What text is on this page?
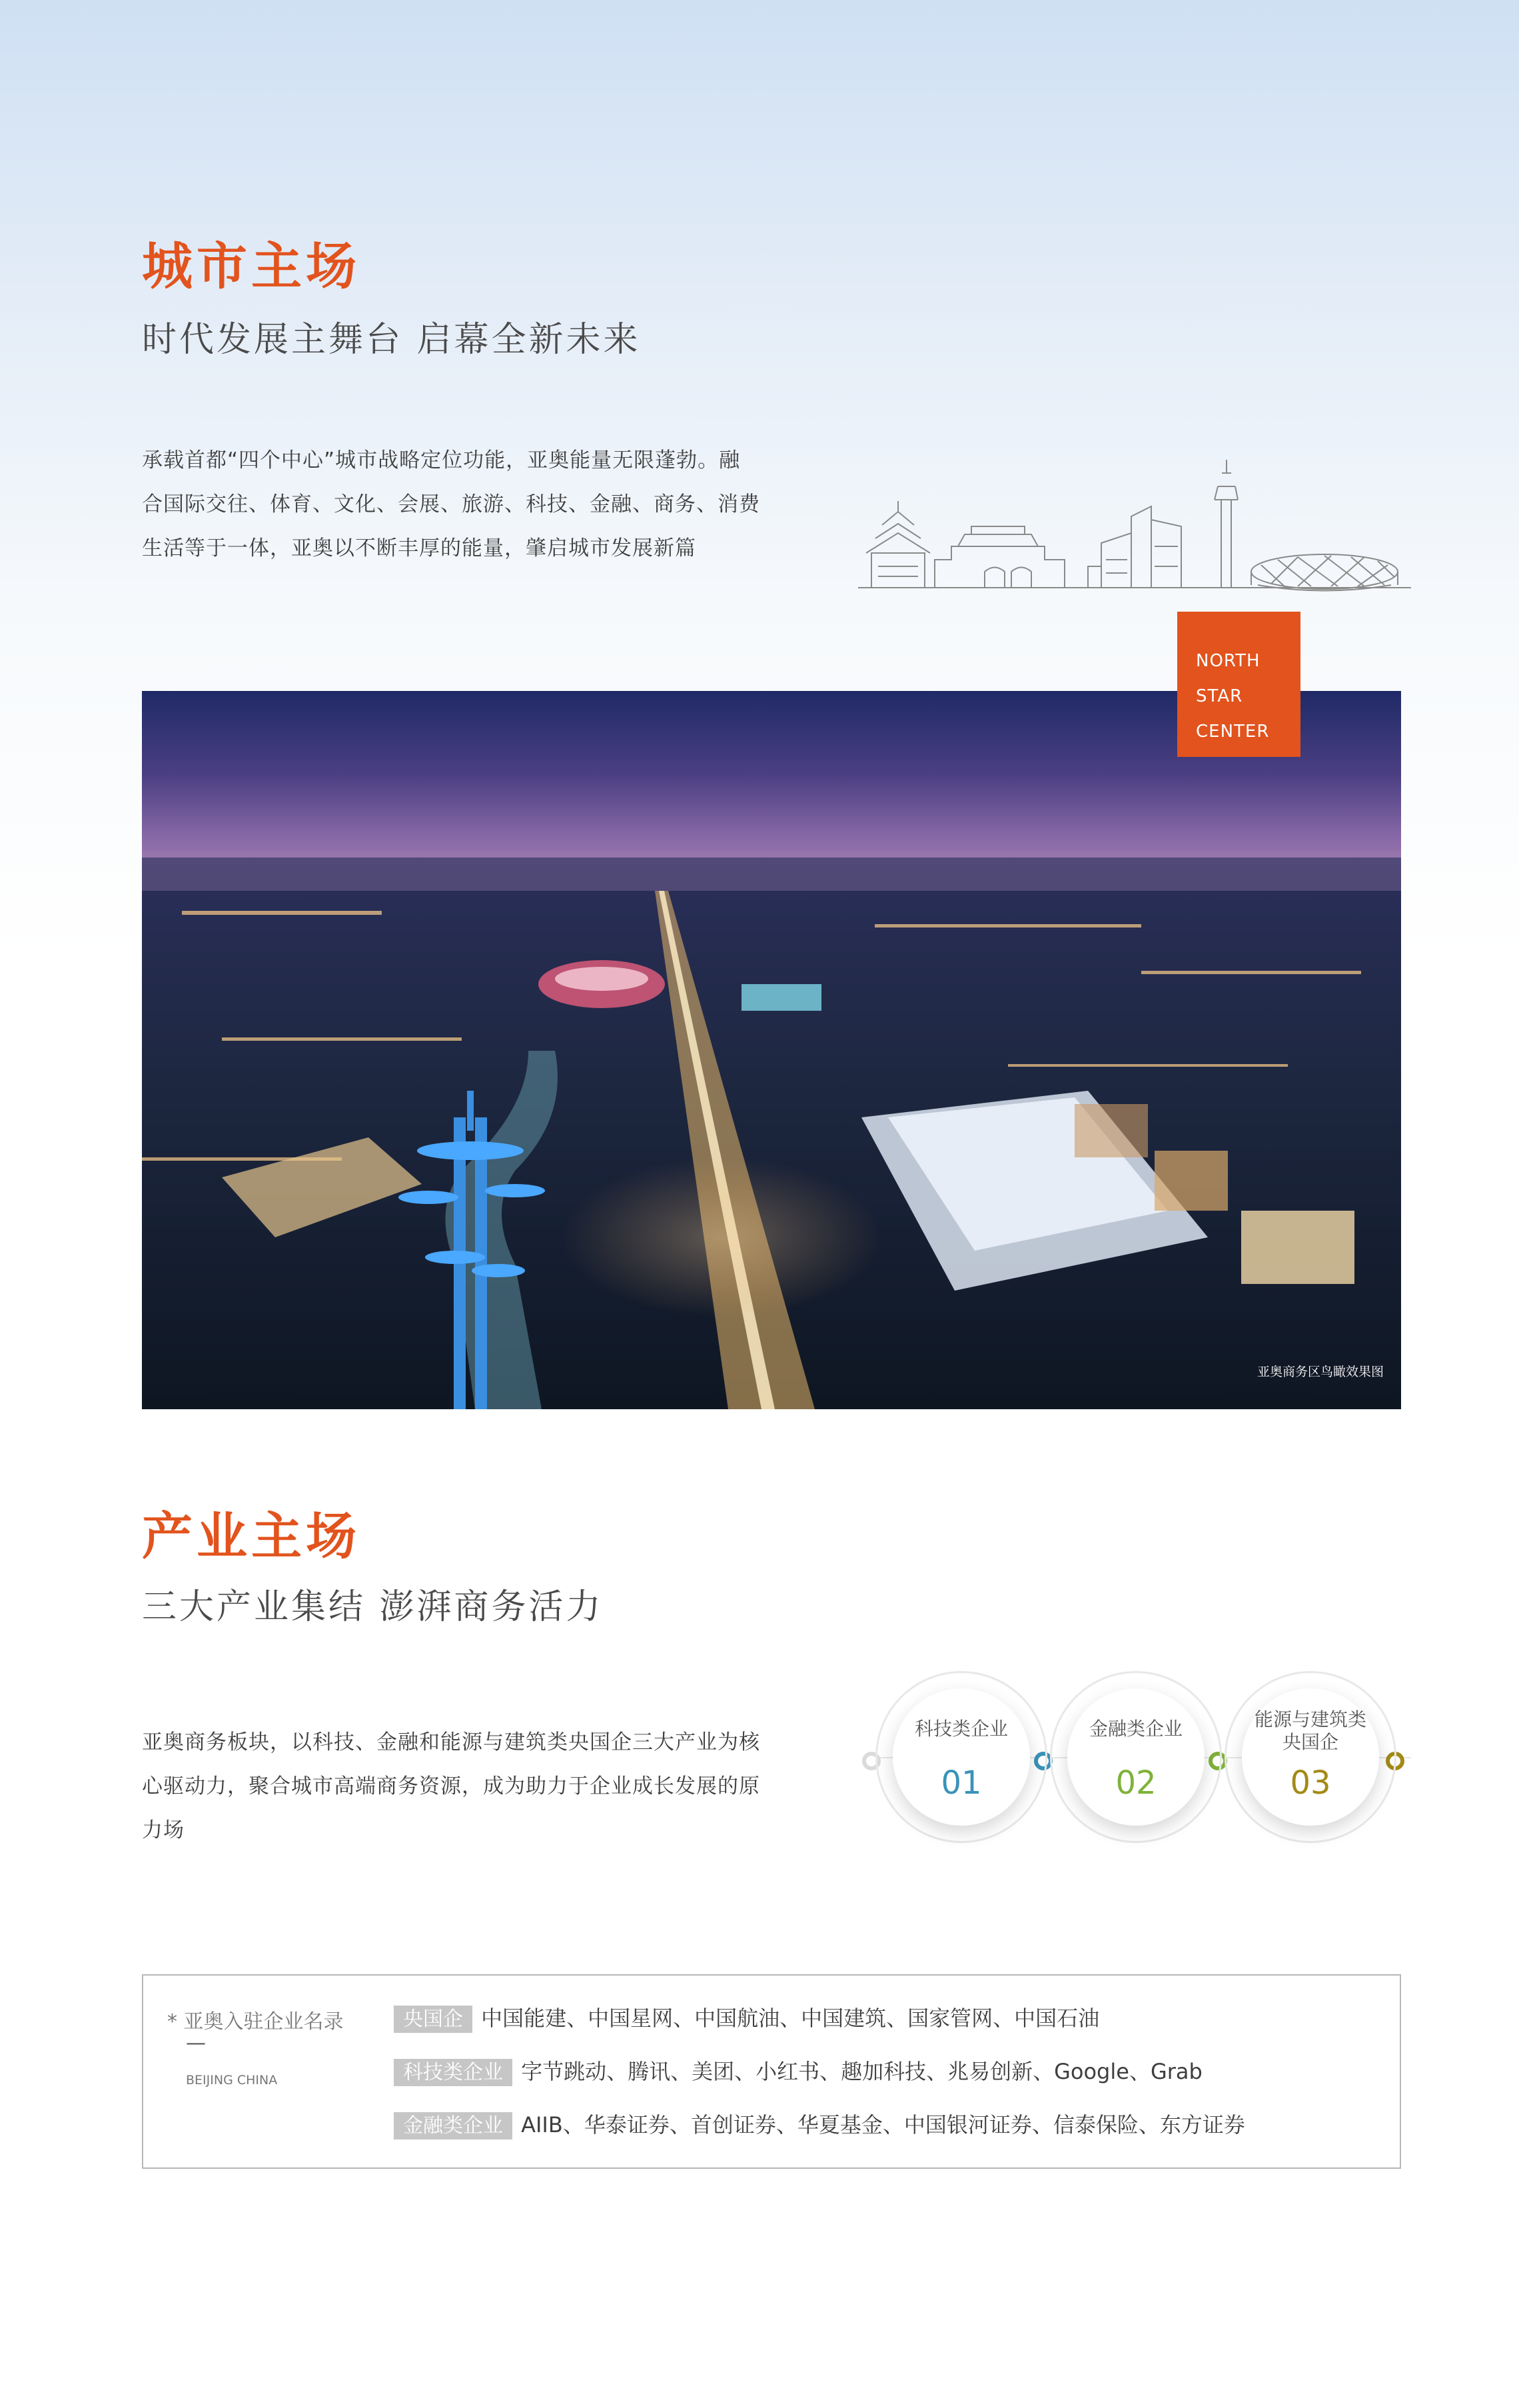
城市主场
时代发展主舞台 启幕全新未来
承载首都“四个中心”城市战略定位功能，亚奥能量无限蓬勃。融
合国际交往、体育、文化、会展、旅游、科技、金融、商务、消费
生活等于一体，亚奥以不断丰厚的能量，肇启城市发展新篇
NORTH
STAR
CENTER
亚奥商务区鸟瞰效果图
产业主场
三大产业集结 澎湃商务活力
亚奥商务板块，以科技、金融和能源与建筑类央国企三大产业为核
心驱动力，聚合城市高端商务资源，成为助力于企业成长发展的原
力场
科技类企业
01
金融类企业
02
能源与建筑类
央国企
03
* 亚奥入驻企业名录
—
BEIJING CHINA
央国企 中国能建、中国星网、中国航油、中国建筑、国家管网、中国石油
科技类企业 字节跳动、腾讯、美团、小红书、趣加科技、兆易创新、Google、Grab
金融类企业 AIIB、华泰证券、首创证券、华夏基金、中国银河证券、信泰保险、东方证券
